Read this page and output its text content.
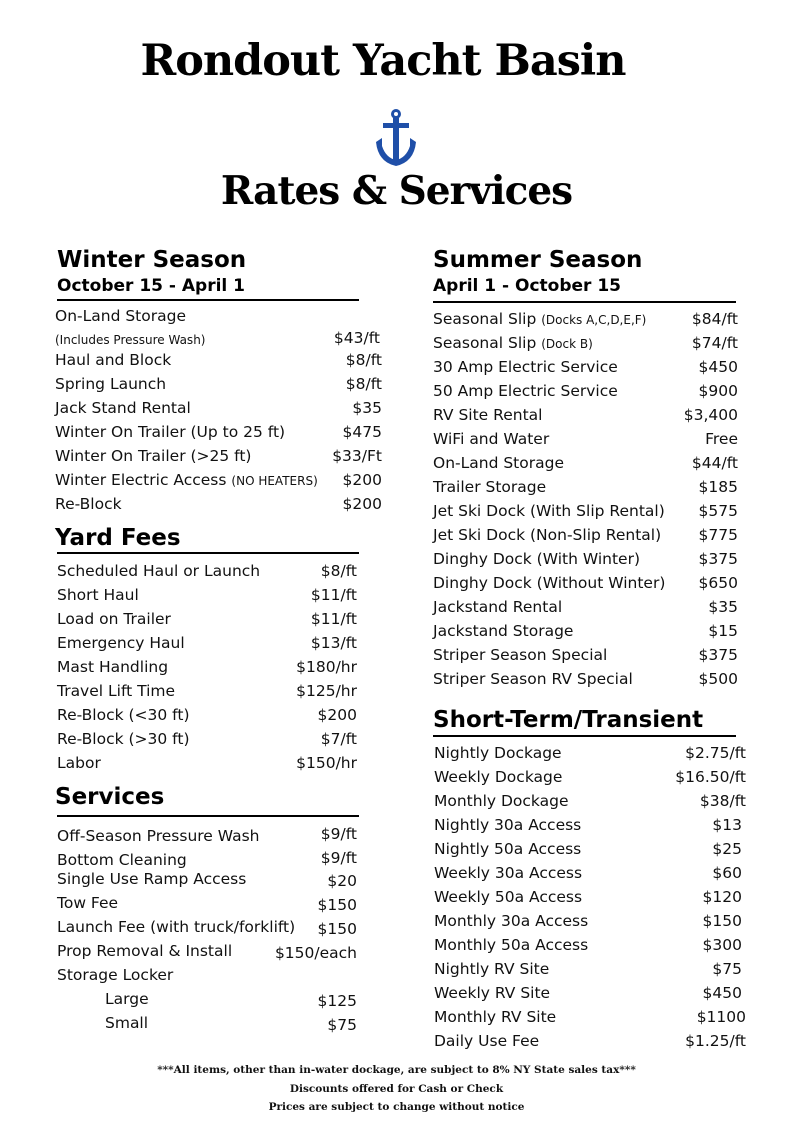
Rondout Yacht Basin
Rates & Services
Winter Season
October 15 - April 1
On-Land Storage
(Includes Pressure Wash)	$43/ft
Haul and Block	$8/ft
Spring Launch	$8/ft
Jack Stand Rental	$35
Winter On Trailer (Up to 25 ft)	$475
Winter On Trailer (>25 ft)	$33/Ft
Winter Electric Access (NO HEATERS) $200
Re-Block	$200
Yard Fees
Scheduled Haul or Launch	$8/ft
Short Haul	$11/ft
Load on Trailer	$11/ft
Emergency Haul	$13/ft
Mast Handling	$180/hr
Travel Lift Time	$125/hr
Re-Block (<30 ft)	$200
Re-Block (>30 ft)	$7/ft
Labor	$150/hr
Services
Off-Season Pressure Wash	$9/ft
Bottom Cleaning	$9/ft
Single Use Ramp Access	$20
Tow Fee	$150
Launch Fee (with truck/forklift) $150
Prop Removal & Install	$150/each
Storage Locker
Large	$125
Small	$75
Summer Season
April 1 - October 15
Seasonal Slip (Docks A,C,D,E,F)	$84/ft
Seasonal Slip (Dock B)	$74/ft
30 Amp Electric Service	$450
50 Amp Electric Service	$900
RV Site Rental	$3,400
WiFi and Water	Free
On-Land Storage	$44/ft
Trailer Storage	$185
Jet Ski Dock (With Slip Rental) $575
Jet Ski Dock (Non-Slip Rental) $775
Dinghy Dock (With Winter)	$375
Dinghy Dock (Without Winter) $650
Jackstand Rental	$35
Jackstand Storage	$15
Striper Season Special	$375
Striper Season RV Special	$500
Short-Term/Transient
Nightly Dockage	$2.75/ft
Weekly Dockage	$16.50/ft
Monthly Dockage	$38/ft
Nightly 30a Access	$13
Nightly 50a Access	$25
Weekly 30a Access	$60
Weekly 50a Access	$120
Monthly 30a Access	$150
Monthly 50a Access	$300
Nightly RV Site	$75
Weekly RV Site	$450
Monthly RV Site	$1100
Daily Use Fee	$1.25/ft
***All items, other than in-water dockage, are subject to 8% NY State sales tax***
Discounts offered for Cash or Check
Prices are subject to change without notice
